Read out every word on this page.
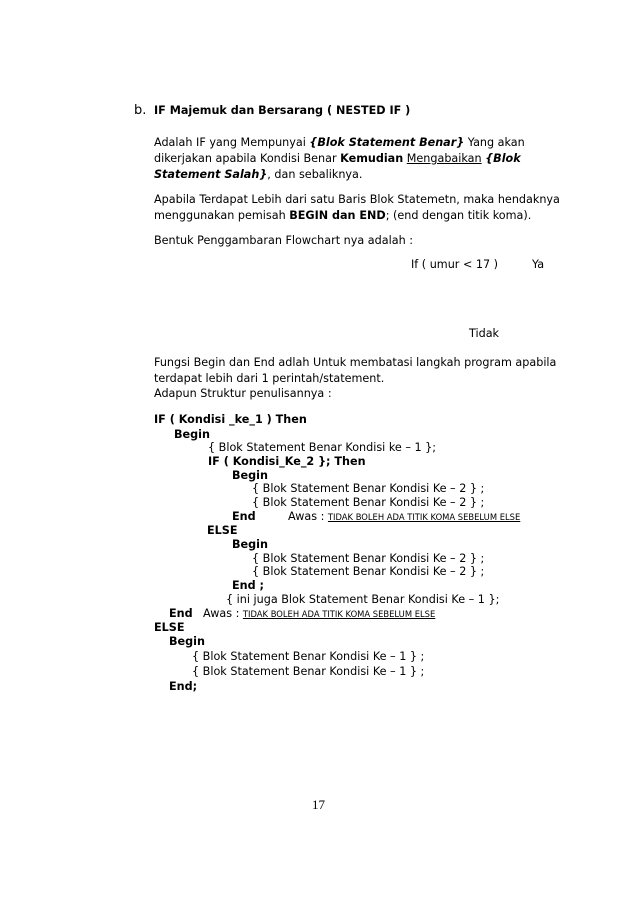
b. IF Majemuk dan Bersarang ( NESTED IF )
Adalah IF yang Mempunyai {Blok Statement Benar} Yang akan
dikerjakan apabila Kondisi Benar Kemudian Mengabaikan {Blok
Statement Salah}, dan sebaliknya.
Apabila Terdapat Lebih dari satu Baris Blok Statemetn, maka hendaknya
menggunakan pemisah BEGIN dan END; (end dengan titik koma).
Bentuk Penggambaran Flowchart nya adalah :
If ( umur < 17 )	Ya
Tidak
Fungsi Begin dan End adlah Untuk membatasi langkah program apabila
terdapat lebih dari 1 perintah/statement.
Adapun Struktur penulisannya :
IF ( Kondisi _ke_1 ) Then
Begin
{ Blok Statement Benar Kondisi ke – 1 };
IF ( Kondisi_Ke_2 }; Then
Begin
{ Blok Statement Benar Kondisi Ke – 2 } ;
{ Blok Statement Benar Kondisi Ke – 2 } ;
End	Awas : TIDAK BOLEH ADA TITIK KOMA SEBELUM ELSE
ELSE
Begin
{ Blok Statement Benar Kondisi Ke – 2 } ;
{ Blok Statement Benar Kondisi Ke – 2 } ;
End ;
{ ini juga Blok Statement Benar Kondisi Ke – 1 };
End Awas : TIDAK BOLEH ADA TITIK KOMA SEBELUM ELSE
ELSE
Begin
{ Blok Statement Benar Kondisi Ke – 1 } ;
{ Blok Statement Benar Kondisi Ke – 1 } ;
End;
17
